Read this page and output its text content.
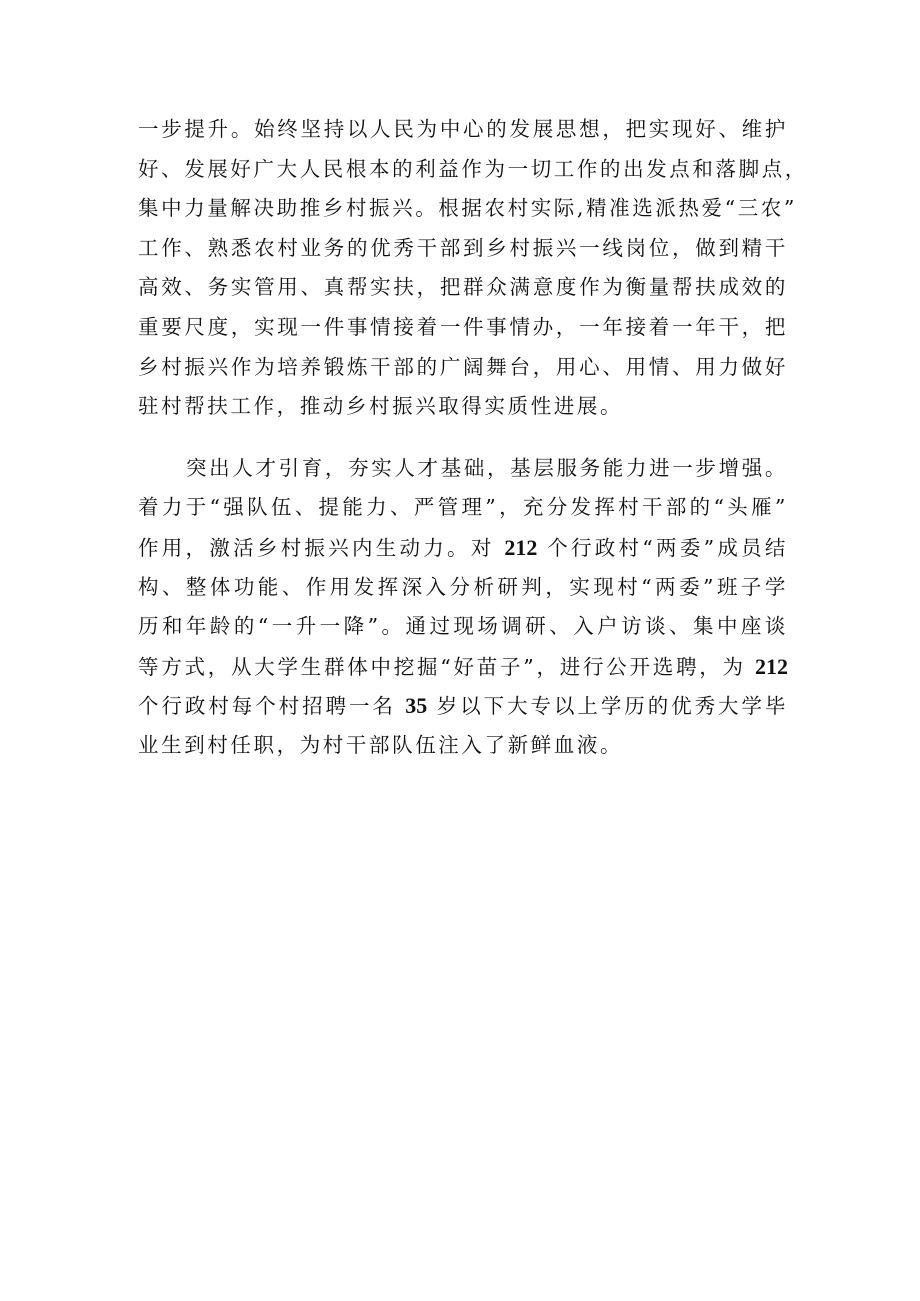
一步提升。始终坚持以人民为中心的发展思想，把实现好、维护
好、发展好广大人民根本的利益作为一切工作的出发点和落脚点，
集中力量解决助推乡村振兴。根据农村实际,精准选派热爱“三农”
工作、熟悉农村业务的优秀干部到乡村振兴一线岗位，做到精干
高效、务实管用、真帮实扶，把群众满意度作为衡量帮扶成效的
重要尺度，实现一件事情接着一件事情办，一年接着一年干，把
乡村振兴作为培养锻炼干部的广阔舞台，用心、用情、用力做好
驻村帮扶工作，推动乡村振兴取得实质性进展。
突出人才引育，夯实人才基础，基层服务能力进一步增强。
着力于“强队伍、提能力、严管理”，充分发挥村干部的“头雁”
作用，激活乡村振兴内生动力。对 212 个行政村“两委”成员结
构、整体功能、作用发挥深入分析研判，实现村“两委”班子学
历和年龄的“一升一降”。通过现场调研、入户访谈、集中座谈
等方式，从大学生群体中挖掘“好苗子”，进行公开选聘，为 212
个行政村每个村招聘一名 35 岁以下大专以上学历的优秀大学毕
业生到村任职，为村干部队伍注入了新鲜血液。
